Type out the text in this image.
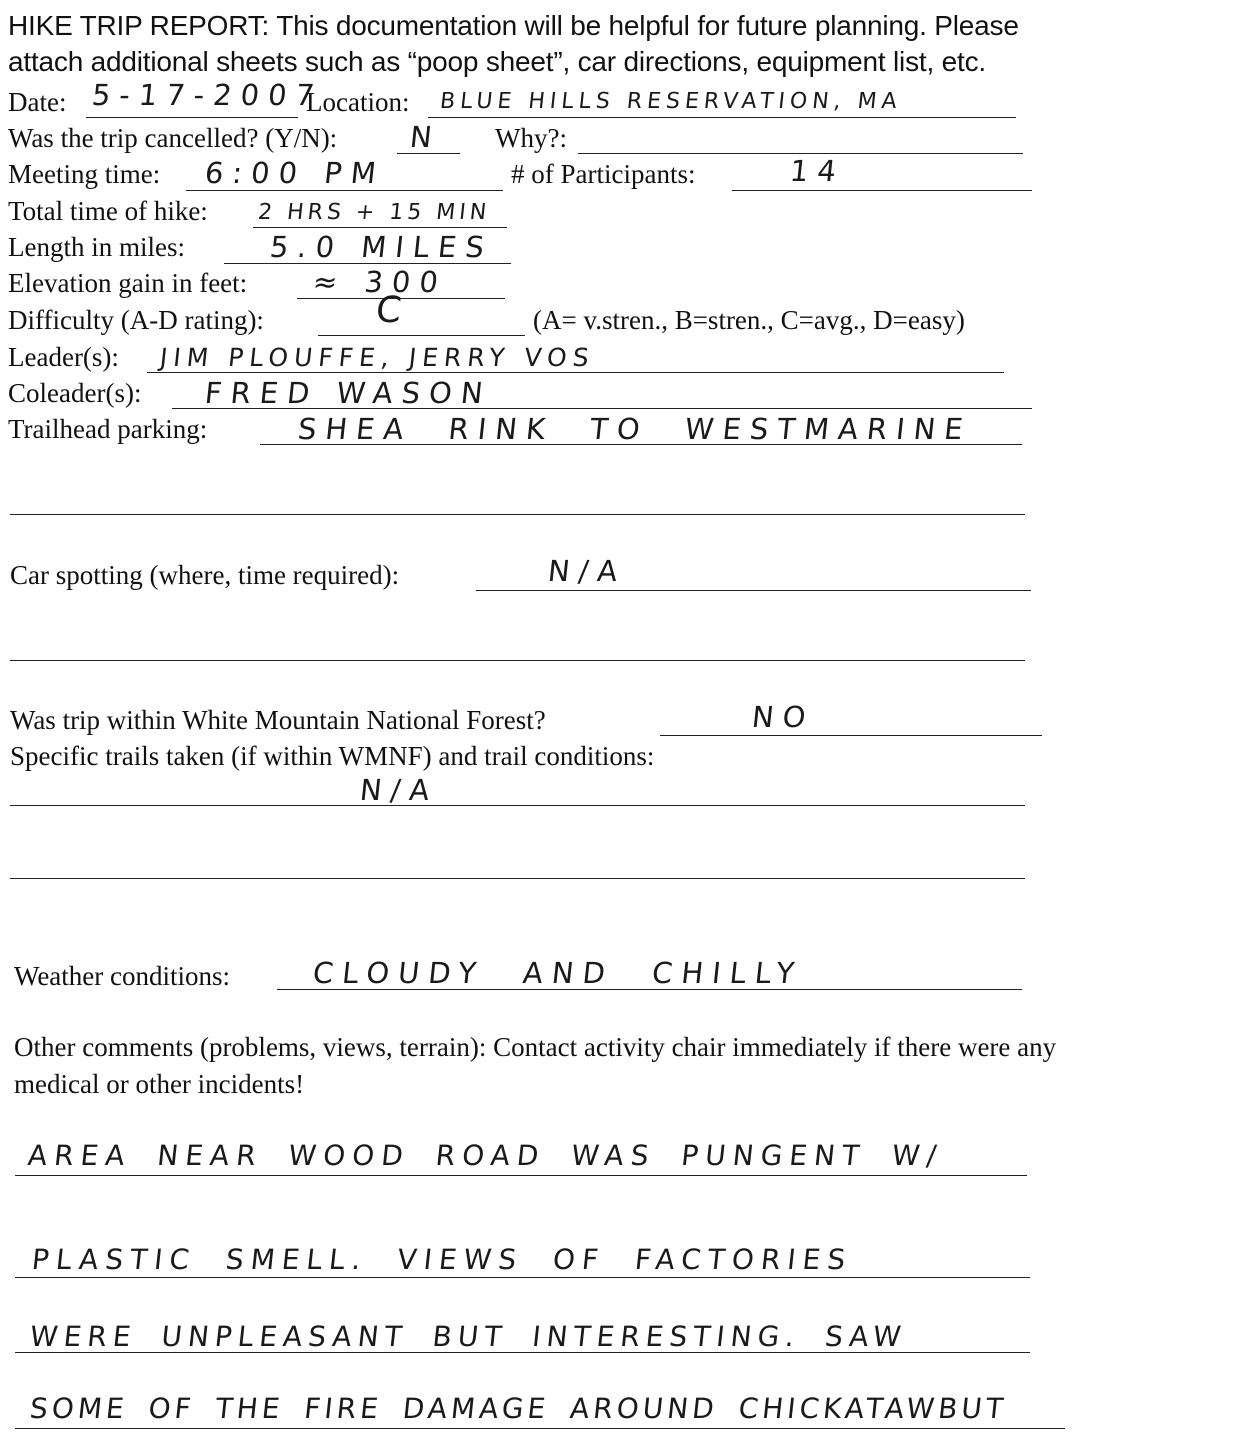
HIKE TRIP REPORT: This documentation will be helpful for future planning. Please
attach additional sheets such as “poop sheet”, car directions, equipment list, etc.
Date: 5-17-2007
Location: BLUE HILLS RESERVATION, MA
Was the trip cancelled? (Y/N): N Why?:
Meeting time: 6:00 PM	# of Participants:	14
Total time of hike: 2 HRS + 15 MIN
Length in miles:	5.0 MILES
Elevation gain in feet: ≈ 300
Difficulty (A-D rating):	C	(A= v.stren., B=stren., C=avg., D=easy)
Leader(s): JIM PLOUFFE, JERRY VOS
Coleader(s): FRED WASON
Trailhead parking:	SHEA RINK TO WESTMARINE
Car spotting (where, time required):	N/A
Was trip within White Mountain National Forest?	NO
Specific trails taken (if within WMNF) and trail conditions:
N/A
Weather conditions:	CLOUDY AND CHILLY
Other comments (problems, views, terrain): Contact activity chair immediately if there were any
medical or other incidents!
AREA NEAR WOOD ROAD WAS PUNGENT W/
PLASTIC SMELL. VIEWS OF FACTORIES
WERE UNPLEASANT BUT INTERESTING. SAW
SOME OF THE FIRE DAMAGE AROUND CHICKATAWBUT
